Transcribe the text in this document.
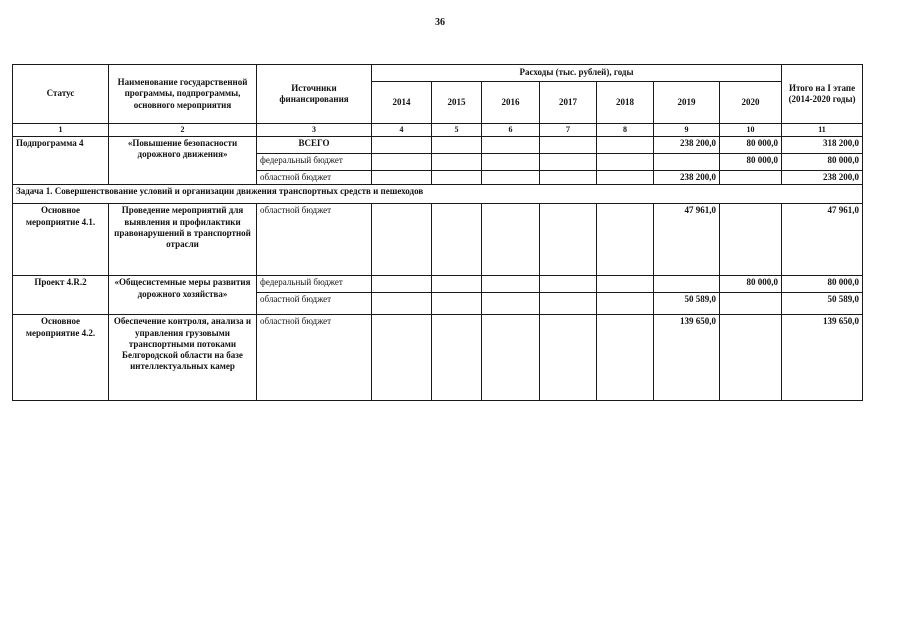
36
Статус	Наименование государственной программы, подпрограммы, основного мероприятия	Источники финансирования	Расходы (тыс. рублей), годы							Итого на I этапе (2014-2020 годы)
			2014	2015	2016	2017	2018	2019	2020	
1	2	3	4	5	6	7	8	9	10	11
Подпрограмма 4	«Повышение безопасности дорожного движения»	ВСЕГО						238 200,0	80 000,0	318 200,0
		федеральный бюджет							80 000,0	80 000,0
		областной бюджет						238 200,0		238 200,0
Задача 1. Совершенствование условий и организации движения транспортных средств и пешеходов										
Основное мероприятие 4.1.	Проведение мероприятий для выявления и профилактики правонарушений в транспортной отрасли	областной бюджет						47 961,0		47 961,0
Проект 4.R.2	«Общесистемные меры развития дорожного хозяйства»	федеральный бюджет							80 000,0	80 000,0
		областной бюджет						50 589,0		50 589,0
Основное мероприятие 4.2.	Обеспечение контроля, анализа и управления грузовыми транспортными потоками Белгородской области на базе интеллектуальных камер	областной бюджет						139 650,0		139 650,0
